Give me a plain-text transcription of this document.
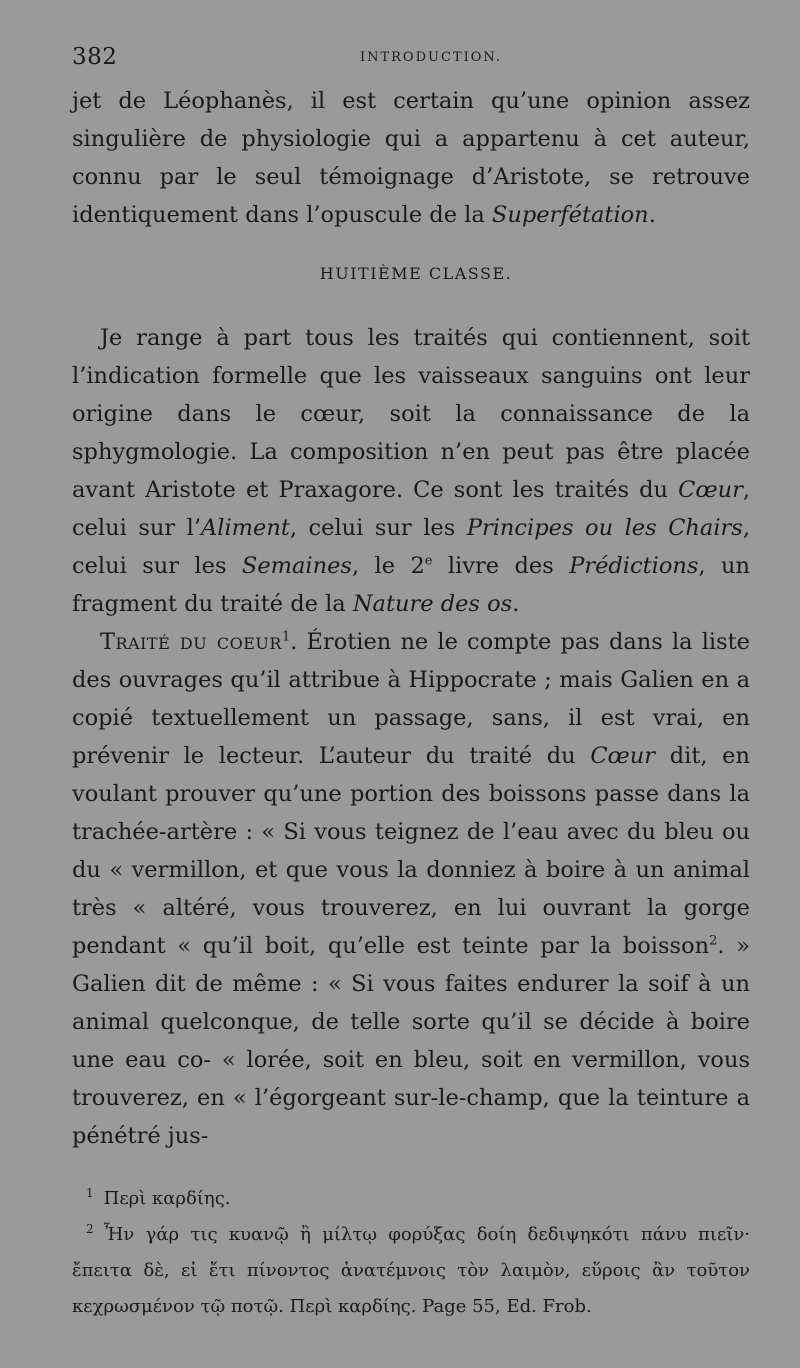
382	INTRODUCTION.

jet de Léophanès, il est certain qu’une opinion assez singulière de physiologie qui a appartenu à cet auteur, connu par le seul témoignage d’Aristote, se retrouve identiquement dans l’opuscule de la Superfétation.

HUITIÈME CLASSE.

Je range à part tous les traités qui contiennent, soit l’indication formelle que les vaisseaux sanguins ont leur origine dans le cœur, soit la connaissance de la sphygmologie. La composition n’en peut pas être placée avant Aristote et Praxagore. Ce sont les traités du Cœur, celui sur l’Aliment, celui sur les Principes ou les Chairs, celui sur les Semaines, le 2e livre des Prédictions, un fragment du traité de la Nature des os.

Traité du coeur$^1$. Érotien ne le compte pas dans la liste des ouvrages qu’il attribue à Hippocrate ; mais Galien en a copié textuellement un passage, sans, il est vrai, en prévenir le lecteur. L’auteur du traité du Cœur dit, en voulant prouver qu’une portion des boissons passe dans la trachée-artère : « Si vous teignez de l’eau avec du bleu ou du « vermillon, et que vous la donniez à boire à un animal très « altéré, vous trouverez, en lui ouvrant la gorge pendant « qu’il boit, qu’elle est teinte par la boisson$^2$. » Galien dit de même : « Si vous faites endurer la soif à un animal quelconque, de telle sorte qu’il se décide à boire une eau co- « lorée, soit en bleu, soit en vermillon, vous trouverez, en « l’égorgeant sur-le-champ, que la teinture a pénétré jus-

$^1$ Περὶ καρδίης.

$^2$ Ἦν γάρ τις κυανῷ ἢ μίλτῳ φορύξας δοίη δεδιψηκότι πάνυ πιεῖν· ἔπειτα δὲ, εἰ ἔτι πίνοντος ἀνατέμνοις τὸν λαιμὸν, εὕροις ἂν τοῦτον κεχρωσμένον τῷ ποτῷ. Περὶ καρδίης. Page 55, Ed. Frob.
